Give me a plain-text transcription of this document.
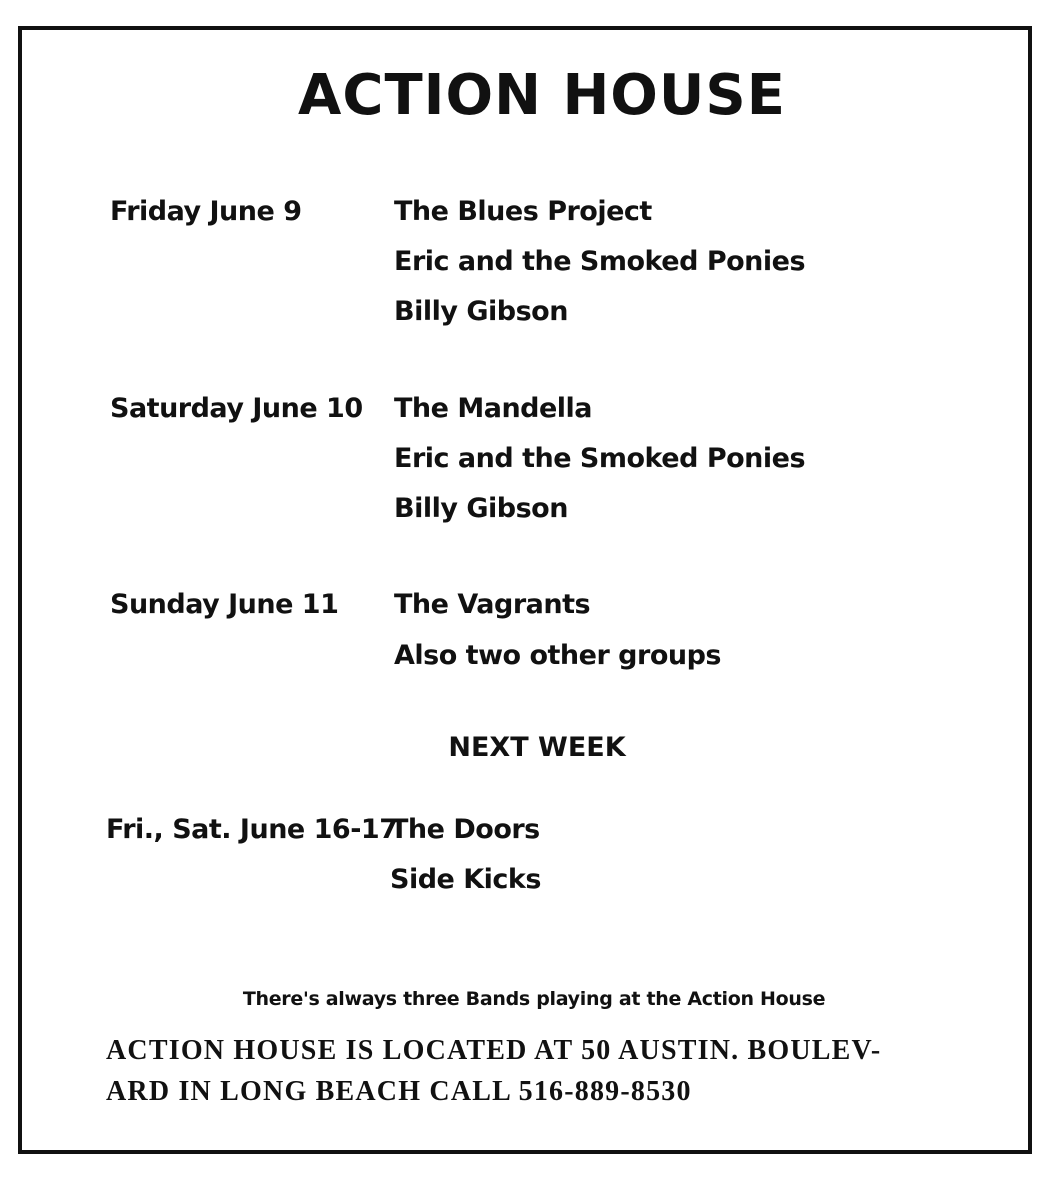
ACTION HOUSE
Friday June 9	The Blues Project
Eric and the Smoked Ponies
Billy Gibson
Saturday June 10 The Mandella
Eric and the Smoked Ponies
Billy Gibson
Sunday June 11 The Vagrants
Also two other groups
NEXT WEEK
Fri., Sat. June 16-17
The Doors
Side Kicks
There's always three Bands playing at the Action House
ACTION HOUSE IS LOCATED AT 50 AUSTIN. BOULEV-
ARD IN LONG BEACH CALL 516-889-8530
